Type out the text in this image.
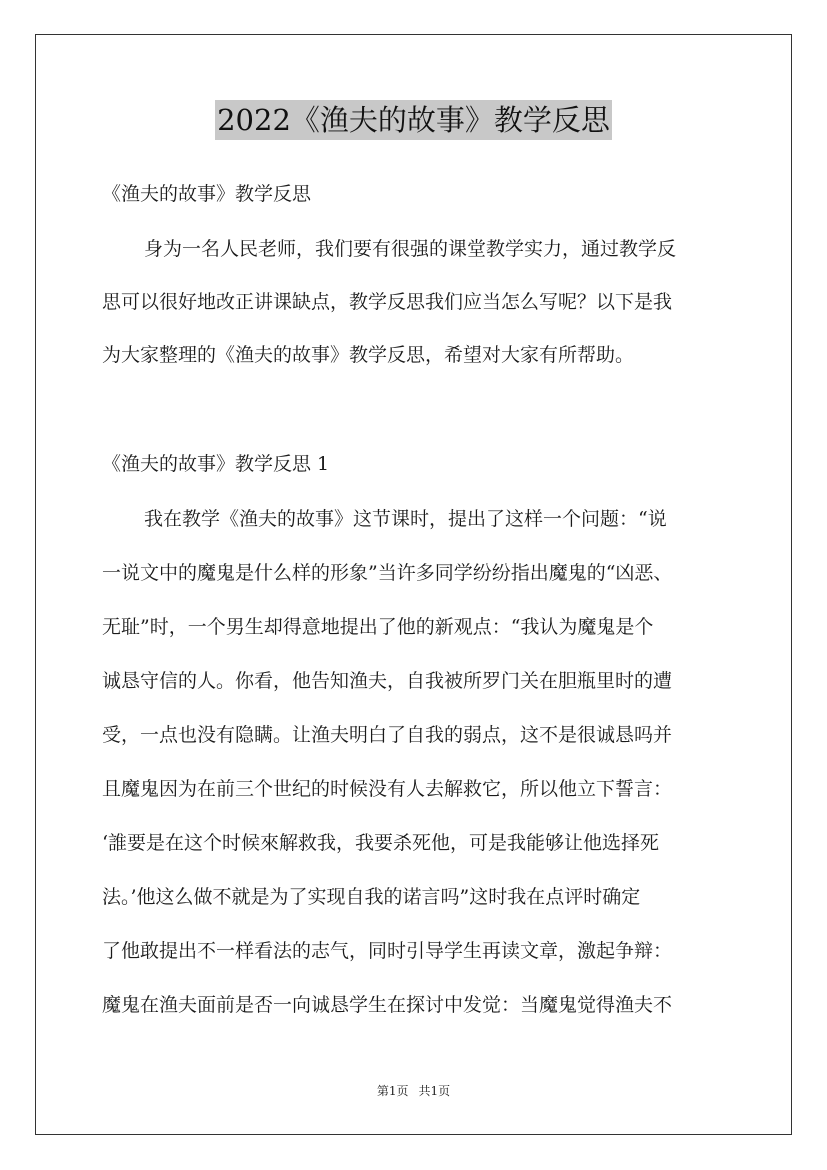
2022《渔夫的故事》教学反思
《渔夫的故事》教学反思
身为一名人民老师，我们要有很强的课堂教学实力，通过教学反
思可以很好地改正讲课缺点，教学反思我们应当怎么写呢？以下是我
为大家整理的《渔夫的故事》教学反思，希望对大家有所帮助。
《渔夫的故事》教学反思 1
我在教学《渔夫的故事》这节课时，提出了这样一个问题：“说
一说文中的魔鬼是什么样的形象”当许多同学纷纷指出魔鬼的“凶恶、
无耻”时，一个男生却得意地提出了他的新观点：“我认为魔鬼是个
诚恳守信的人。你看，他告知渔夫，自我被所罗门关在胆瓶里时的遭
受，一点也没有隐瞒。让渔夫明白了自我的弱点，这不是很诚恳吗并
且魔鬼因为在前三个世纪的时候没有人去解救它，所以他立下誓言：
‘誰要是在这个时候來解救我，我要杀死他，可是我能够让他选择死
法。’他这么做不就是为了实现自我的诺言吗”这时我在点评时确定
了他敢提出不一样看法的志气，同时引导学生再读文章，激起争辩：
魔鬼在渔夫面前是否一向诚恳学生在探讨中发觉：当魔鬼觉得渔夫不
第1页 共1页
